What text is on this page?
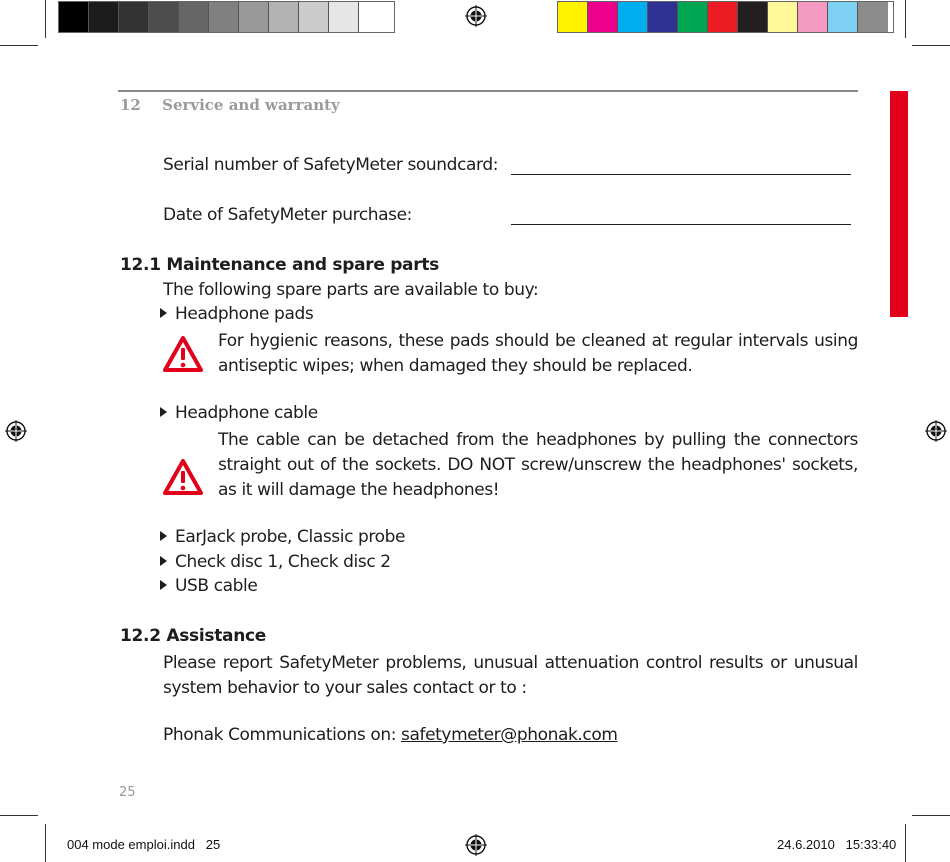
12 Service and warranty
Serial number of SafetyMeter soundcard:
Date of SafetyMeter purchase:
12.1 Maintenance and spare parts
The following spare parts are available to buy:
Headphone pads
For hygienic reasons, these pads should be cleaned at regular intervals using antiseptic wipes; when damaged they should be replaced.
Headphone cable
The cable can be detached from the headphones by pulling the connectors straight out of the sockets. DO NOT screw/unscrew the headphones' sockets, as it will damage the headphones!
EarJack probe, Classic probe
Check disc 1, Check disc 2
USB cable
12.2 Assistance
Please report SafetyMeter problems, unusual attenuation control results or unusual system behavior to your sales contact or to :
Phonak Communications on: safetymeter@phonak.com
25
004 mode emploi.indd   25	24.6.2010   15:33:40
